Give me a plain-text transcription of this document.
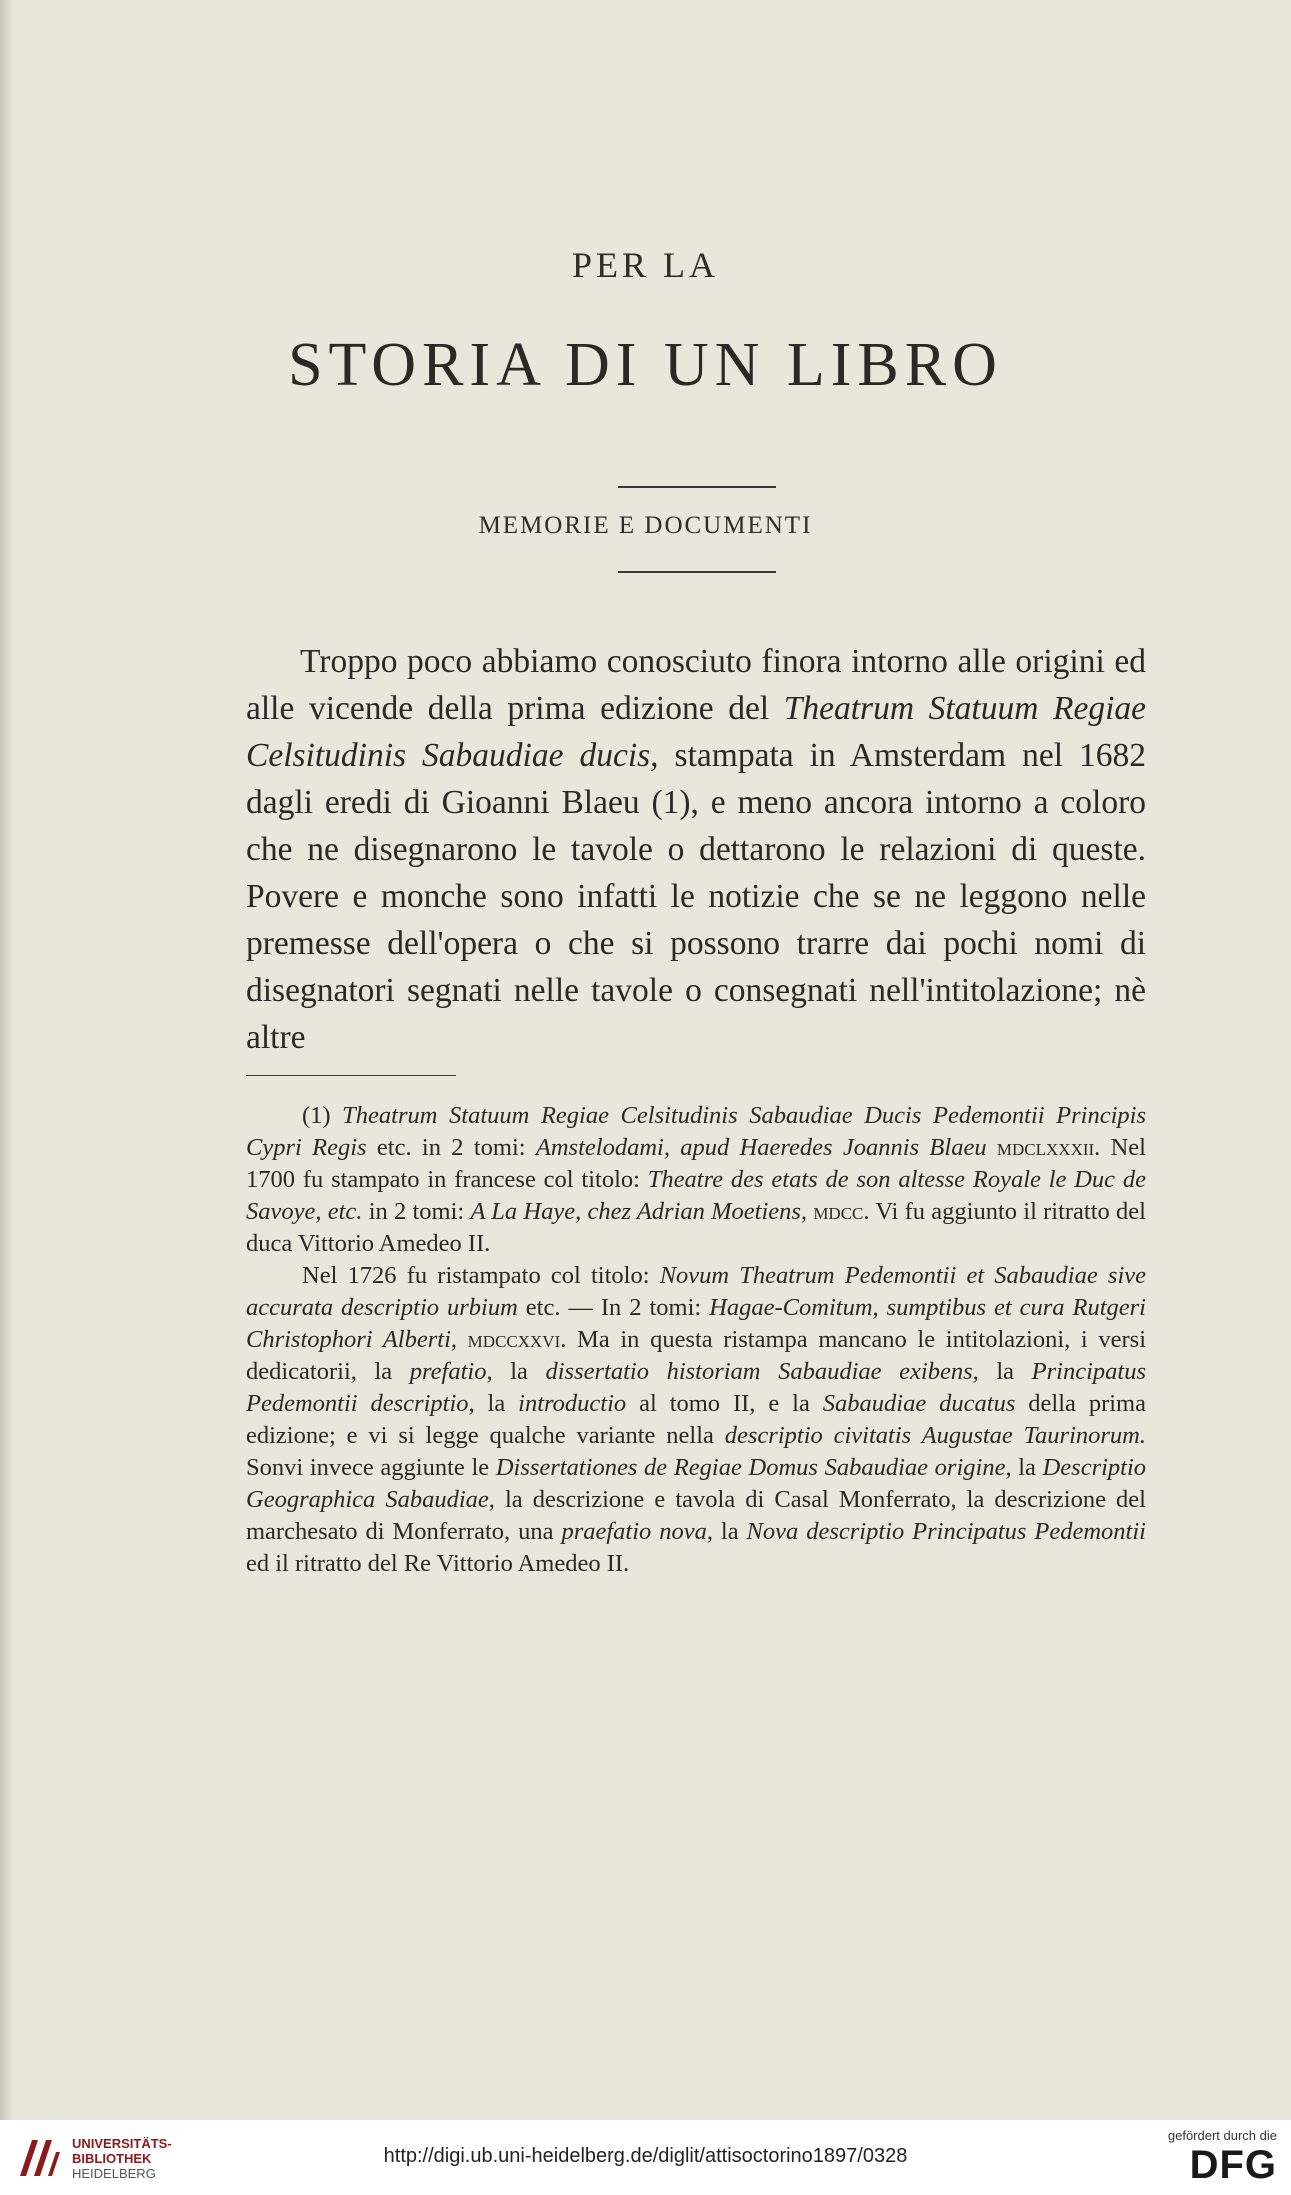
PER LA
STORIA DI UN LIBRO
MEMORIE E DOCUMENTI
Troppo poco abbiamo conosciuto finora intorno alle origini ed alle vicende della prima edizione del Theatrum Statuum Regiae Celsitudinis Sabaudiae ducis, stampata in Amsterdam nel 1682 dagli eredi di Gioanni Blaeu (1), e meno ancora intorno a coloro che ne disegnarono le tavole o dettarono le relazioni di queste. Povere e monche sono infatti le notizie che se ne leggono nelle premesse dell'opera o che si possono trarre dai pochi nomi di disegnatori segnati nelle tavole o consegnati nell'intitolazione; nè altre

(1) Theatrum Statuum Regiae Celsitudinis Sabaudiae Ducis Pedemontii Principis Cypri Regis etc. in 2 tomi: Amstelodami, apud Haeredes Joannis Blaeu mdclxxxii. Nel 1700 fu stampato in francese col titolo: Theatre des etats de son altesse Royale le Duc de Savoye, etc. in 2 tomi: A La Haye, chez Adrian Moetiens, mdcc. Vi fu aggiunto il ritratto del duca Vittorio Amedeo II.

Nel 1726 fu ristampato col titolo: Novum Theatrum Pedemontii et Sabaudiae sive accurata descriptio urbium etc. — In 2 tomi: Hagae-Comitum, sumptibus et cura Rutgeri Christophori Alberti, mdccxxvi. Ma in questa ristampa mancano le intitolazioni, i versi dedicatorii, la prefatio, la dissertatio historiam Sabaudiae exibens, la Principatus Pedemontii descriptio, la introductio al tomo II, e la Sabaudiae ducatus della prima edizione; e vi si legge qualche variante nella descriptio civitatis Augustae Taurinorum. Sonvi invece aggiunte le Dissertationes de Regiae Domus Sabaudiae origine, la Descriptio Geographica Sabaudiae, la descrizione e tavola di Casal Monferrato, la descrizione del marchesato di Monferrato, una praefatio nova, la Nova descriptio Principatus Pedemontii ed il ritratto del Re Vittorio Amedeo II.

UNIVERSITÄTS-
BIBLIOTHEK
HEIDELBERG
http://digi.ub.uni-heidelberg.de/diglit/attisoctorino1897/0328
gefördert durch die
DFG
